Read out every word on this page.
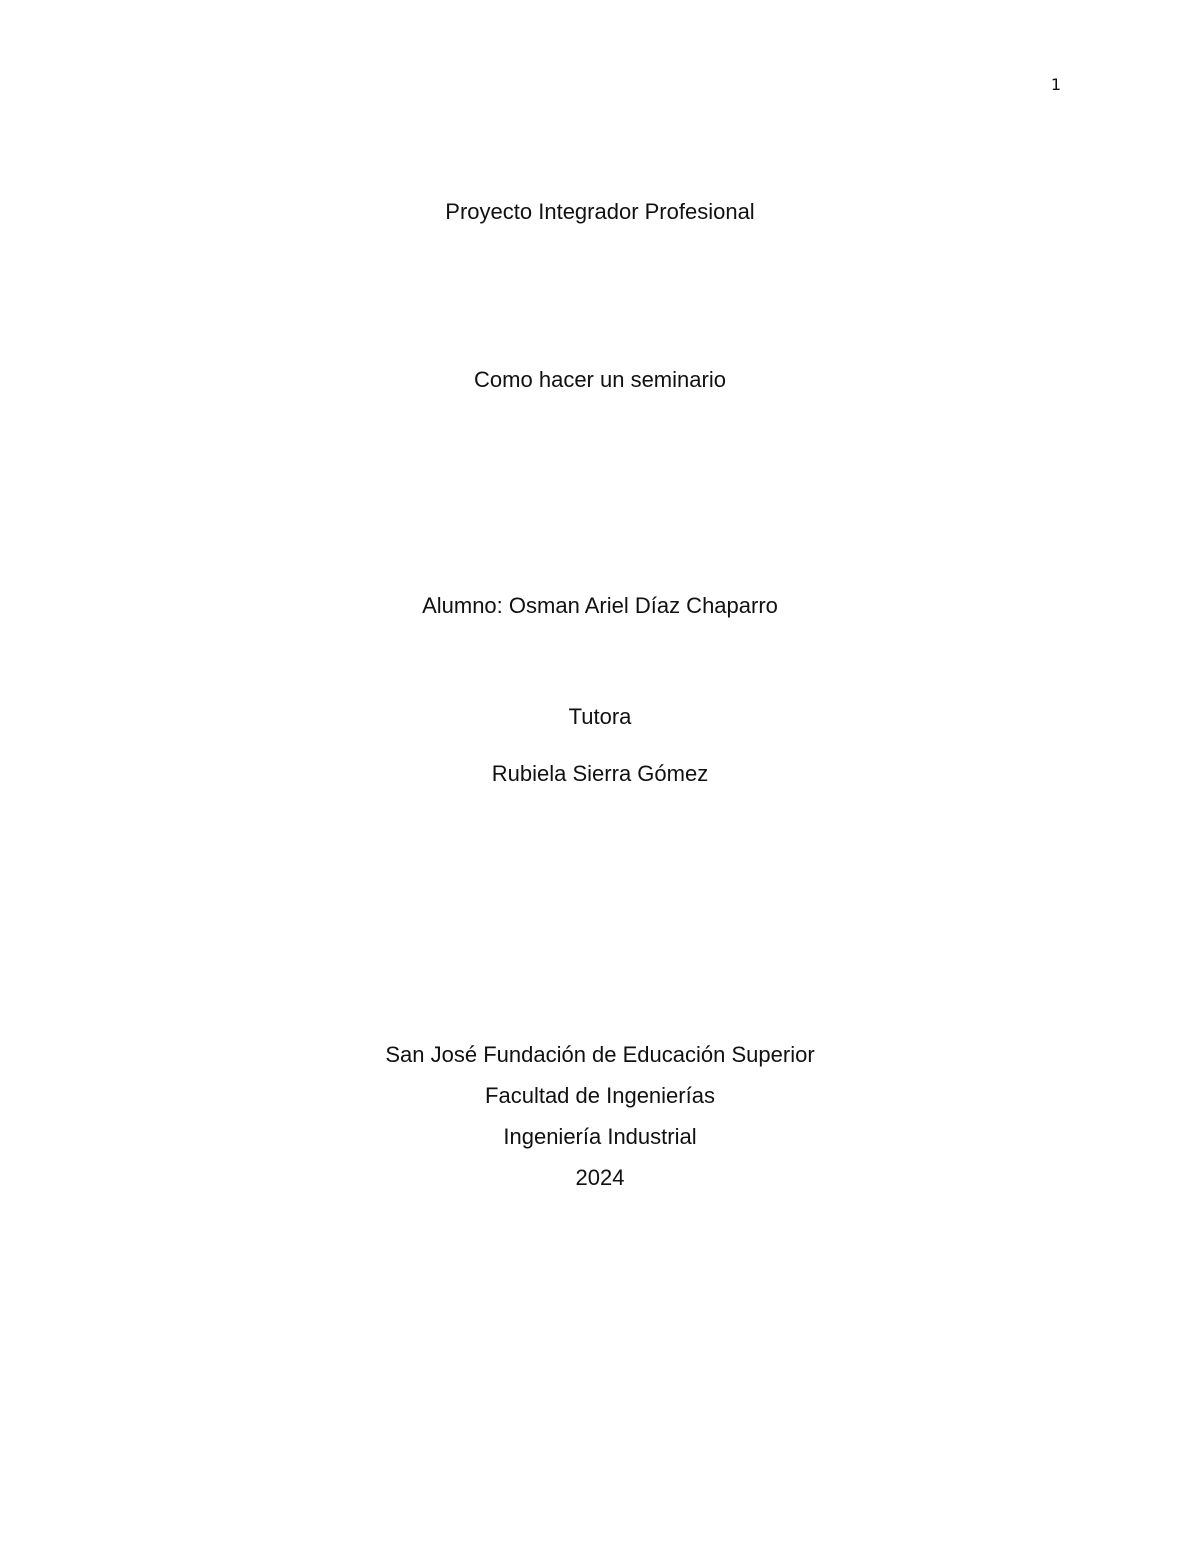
1
Proyecto Integrador Profesional
Como hacer un seminario
Alumno: Osman Ariel Díaz Chaparro
Tutora
Rubiela Sierra Gómez
San José Fundación de Educación Superior
Facultad de Ingenierías
Ingeniería Industrial
2024
